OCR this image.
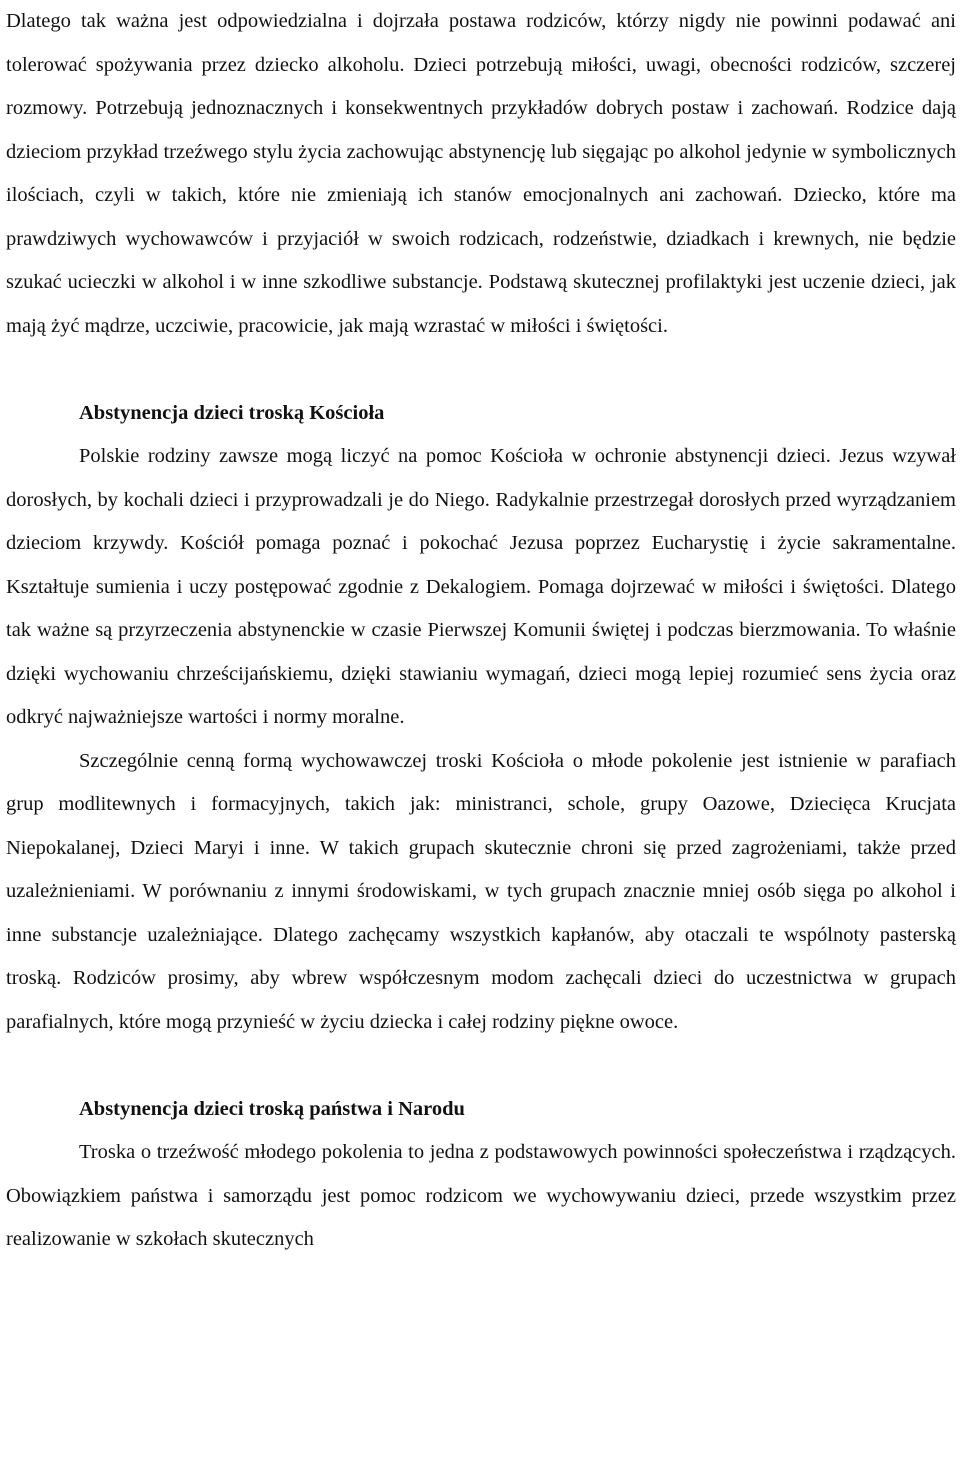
Dlatego tak ważna jest odpowiedzialna i dojrzała postawa rodziców, którzy nigdy nie powinni podawać ani tolerować spożywania przez dziecko alkoholu. Dzieci potrzebują miłości, uwagi, obecności rodziców, szczerej rozmowy. Potrzebują jednoznacznych i konsekwentnych przykładów dobrych postaw i zachowań. Rodzice dają dzieciom przykład trzeźwego stylu życia zachowując abstynencję lub sięgając po alkohol jedynie w symbolicznych ilościach, czyli w takich, które nie zmieniają ich stanów emocjonalnych ani zachowań. Dziecko, które ma prawdziwych wychowawców i przyjaciół w swoich rodzicach, rodzeństwie, dziadkach i krewnych, nie będzie szukać ucieczki w alkohol i w inne szkodliwe substancje. Podstawą skutecznej profilaktyki jest uczenie dzieci, jak mają żyć mądrze, uczciwie, pracowicie, jak mają wzrastać w miłości i świętości.

Abstynencja dzieci troską Kościoła

Polskie rodziny zawsze mogą liczyć na pomoc Kościoła w ochronie abstynencji dzieci. Jezus wzywał dorosłych, by kochali dzieci i przyprowadzali je do Niego. Radykalnie przestrzegał dorosłych przed wyrządzaniem dzieciom krzywdy. Kościół pomaga poznać i pokochać Jezusa poprzez Eucharystię i życie sakramentalne. Kształtuje sumienia i uczy postępować zgodnie z Dekalogiem. Pomaga dojrzewać w miłości i świętości. Dlatego tak ważne są przyrzeczenia abstynenckie w czasie Pierwszej Komunii świętej i podczas bierzmowania. To właśnie dzięki wychowaniu chrześcijańskiemu, dzięki stawianiu wymagań, dzieci mogą lepiej rozumieć sens życia oraz odkryć najważniejsze wartości i normy moralne.

Szczególnie cenną formą wychowawczej troski Kościoła o młode pokolenie jest istnienie w parafiach grup modlitewnych i formacyjnych, takich jak: ministranci, schole, grupy Oazowe, Dziecięca Krucjata Niepokalanej, Dzieci Maryi i inne. W takich grupach skutecznie chroni się przed zagrożeniami, także przed uzależnieniami. W porównaniu z innymi środowiskami, w tych grupach znacznie mniej osób sięga po alkohol i inne substancje uzależniające. Dlatego zachęcamy wszystkich kapłanów, aby otaczali te wspólnoty pasterską troską. Rodziców prosimy, aby wbrew współczesnym modom zachęcali dzieci do uczestnictwa w grupach parafialnych, które mogą przynieść w życiu dziecka i całej rodziny piękne owoce.

Abstynencja dzieci troską państwa i Narodu

Troska o trzeźwość młodego pokolenia to jedna z podstawowych powinności społeczeństwa i rządzących. Obowiązkiem państwa i samorządu jest pomoc rodzicom we wychowywaniu dzieci, przede wszystkim przez realizowanie w szkołach skutecznych
